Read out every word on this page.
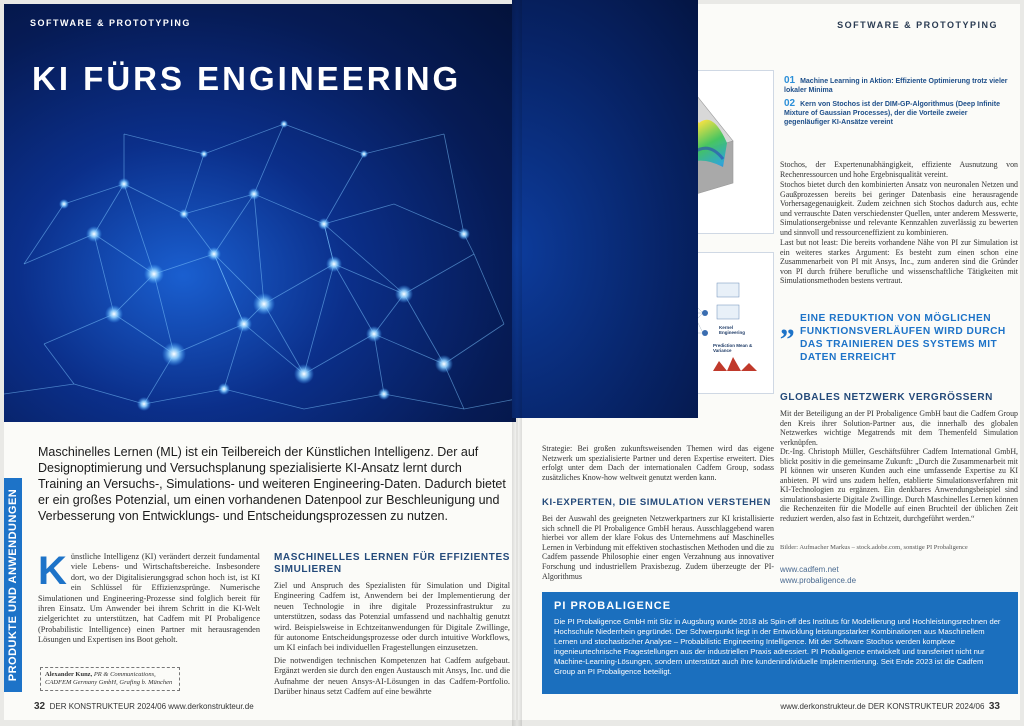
SOFTWARE & PROTOTYPING
KI FÜRS ENGINEERING
PRODUKTE UND ANWENDUNGEN
Maschinelles Lernen (ML) ist ein Teilbereich der Künstlichen Intelligenz. Der auf Designoptimierung und Versuchsplanung spezialisierte KI-Ansatz lernt durch Training an Versuchs-, Simulations- und weiteren Engineering-Daten. Dadurch bietet er ein großes Potenzial, um einen vorhandenen Datenpool zur Beschleunigung und Verbesserung von Entwicklungs- und Entscheidungsprozessen zu nutzen.
K ünstliche Intelligenz (KI) verändert derzeit fundamental viele Lebens- und Wirtschaftsbereiche. Insbesondere dort, wo der Digitalisierungsgrad schon hoch ist, ist KI ein Schlüssel für Effizienzsprünge. Numerische Simulationen und Engineering-Prozesse sind folglich bereit für ihren Einsatz. Um Anwender bei ihrem Schritt in die KI-Welt zielgerichtet zu unterstützen, hat Cadfem mit PI Probaligence (Probabilistic Intelligence) einen Partner mit herausragenden Lösungen und Expertisen ins Boot geholt.
MASCHINELLES LERNEN FÜR EFFIZIENTES SIMULIEREN

Ziel und Anspruch des Spezialisten für Simulation und Digital Engineering Cadfem ist, Anwendern bei der Implementierung der neuen Technologie in ihre digitale Prozessinfrastruktur zu unterstützen, sodass das Potenzial umfassend und nachhaltig genutzt wird. Beispielsweise in Echtzeitanwendungen für Digitale Zwillinge, für autonome Entscheidungsprozesse oder durch intuitive Workflows, um KI einfach bei individuellen Fragestellungen einzusetzen.

Die notwendigen technischen Kompetenzen hat Cadfem aufgebaut. Ergänzt werden sie durch den engen Austausch mit Ansys, Inc. und die Aufnahme der neuen Ansys-AI-Lösungen in das Cadfem-Portfolio. Darüber hinaus setzt Cadfem auf eine bewährte

Alexander Kunz, PR & Communications,
CADFEM Germany GmbH, Grafing b. München
32 DER KONSTRUKTEUR 2024/06 www.derkonstrukteur.de
SOFTWARE & PROTOTYPING
Kernel Engineering
Prediction Mean & Variance
01 Machine Learning in Aktion: Effiziente Optimierung trotz vieler lokaler Minima
02 Kern von Stochos ist der DIM-GP-Algorithmus (Deep Infinite Mixture of Gaussian Processes), der die Vorteile zweier gegenläufiger KI-Ansätze vereint

Stochos, der Expertenunabhängigkeit, effiziente Ausnutzung von Rechenressourcen und hohe Ergebnisqualität vereint.

Stochos bietet durch den kombinierten Ansatz von neuronalen Netzen und Gaußprozessen bereits bei geringer Datenbasis eine herausragende Vorhersagegenauigkeit. Zudem zeichnen sich Stochos dadurch aus, echte und verrauschte Daten verschiedenster Quellen, unter anderem Messwerte, Simulationsergebnisse und relevante Kennzahlen zuverlässig zu bewerten und sinnvoll und ressourceneffizient zu kombinieren.

Last but not least: Die bereits vorhandene Nähe von PI zur Simulation ist ein weiteres starkes Argument: Es besteht zum einen schon eine Zusammenarbeit von PI mit Ansys, Inc., zum anderen sind die Gründer von PI durch frühere berufliche und wissenschaftliche Tätigkeiten mit Simulationsmethoden bestens vertraut.

„ EINE REDUKTION VON MÖGLICHEN FUNKTIONSVERLÄUFEN WIRD DURCH DAS TRAINIEREN DES SYSTEMS MIT DATEN ERREICHT
GLOBALES NETZWERK VERGRÖSSERN

Mit der Beteiligung an der PI Probaligence GmbH baut die Cadfem Group den Kreis ihrer Solution-Partner aus, die innerhalb des globalen Netzwerkes wichtige Megatrends mit dem Themenfeld Simulation verknüpfen.

Dr.-Ing. Christoph Müller, Geschäftsführer Cadfem International GmbH, blickt positiv in die gemeinsame Zukunft: „Durch die Zusammenarbeit mit PI können wir unseren Kunden auch eine umfassende Expertise zu KI anbieten. PI wird uns zudem helfen, etablierte Simulationsverfahren mit KI-Technologien zu ergänzen. Ein denkbares Anwendungsbeispiel sind simulationsbasierte Digitale Zwillinge. Durch Maschinelles Lernen können die Rechenzeiten für die Modelle auf einen Bruchteil der üblichen Zeit reduziert werden, also fast in Echtzeit, durchgeführt werden.“

Bilder: Aufmacher Markus – stock.adobe.com, sonstige PI Probaligence
www.cadfem.net
www.probaligence.de
Strategie: Bei großen zukunftsweisenden Themen wird das eigene Netzwerk um spezialisierte Partner und deren Expertise erweitert. Dies erfolgt unter dem Dach der internationalen Cadfem Group, sodass zusätzliches Know-how weltweit genutzt werden kann.
KI-EXPERTEN, DIE SIMULATION VERSTEHEN

Bei der Auswahl des geeigneten Netzwerkpartners zur KI kristallisierte sich schnell die PI Probaligence GmbH heraus. Ausschlaggebend waren hierbei vor allem der klare Fokus des Unternehmens auf Maschinelles Lernen in Verbindung mit effektiven stochastischen Methoden und die zu Cadfem passende Philosophie einer engen Verzahnung aus innovativer Forschung und industriellem Praxisbezug. Zudem überzeugte der PI-Algorithmus

PI PROBALIGENCE
Die PI Probaligence GmbH mit Sitz in Augsburg wurde 2018 als Spin-off des Instituts für Modellierung und Hochleistungsrechnen der Hochschule Niederrhein gegründet. Der Schwerpunkt liegt in der Entwicklung leistungsstarker Kombinationen aus Maschinellem Lernen und stochastischer Analyse – Probabilistic Engineering Intelligence. Mit der Software Stochos werden komplexe ingenieurtechnische Fragestellungen aus der industriellen Praxis adressiert. PI Probaligence entwickelt und transferiert nicht nur Machine-Learning-Lösungen, sondern unterstützt auch ihre kundenindividuelle Implementierung. Seit Ende 2023 ist die Cadfem Group an PI Probaligence beteiligt.
www.derkonstrukteur.de DER KONSTRUKTEUR 2024/06 33
